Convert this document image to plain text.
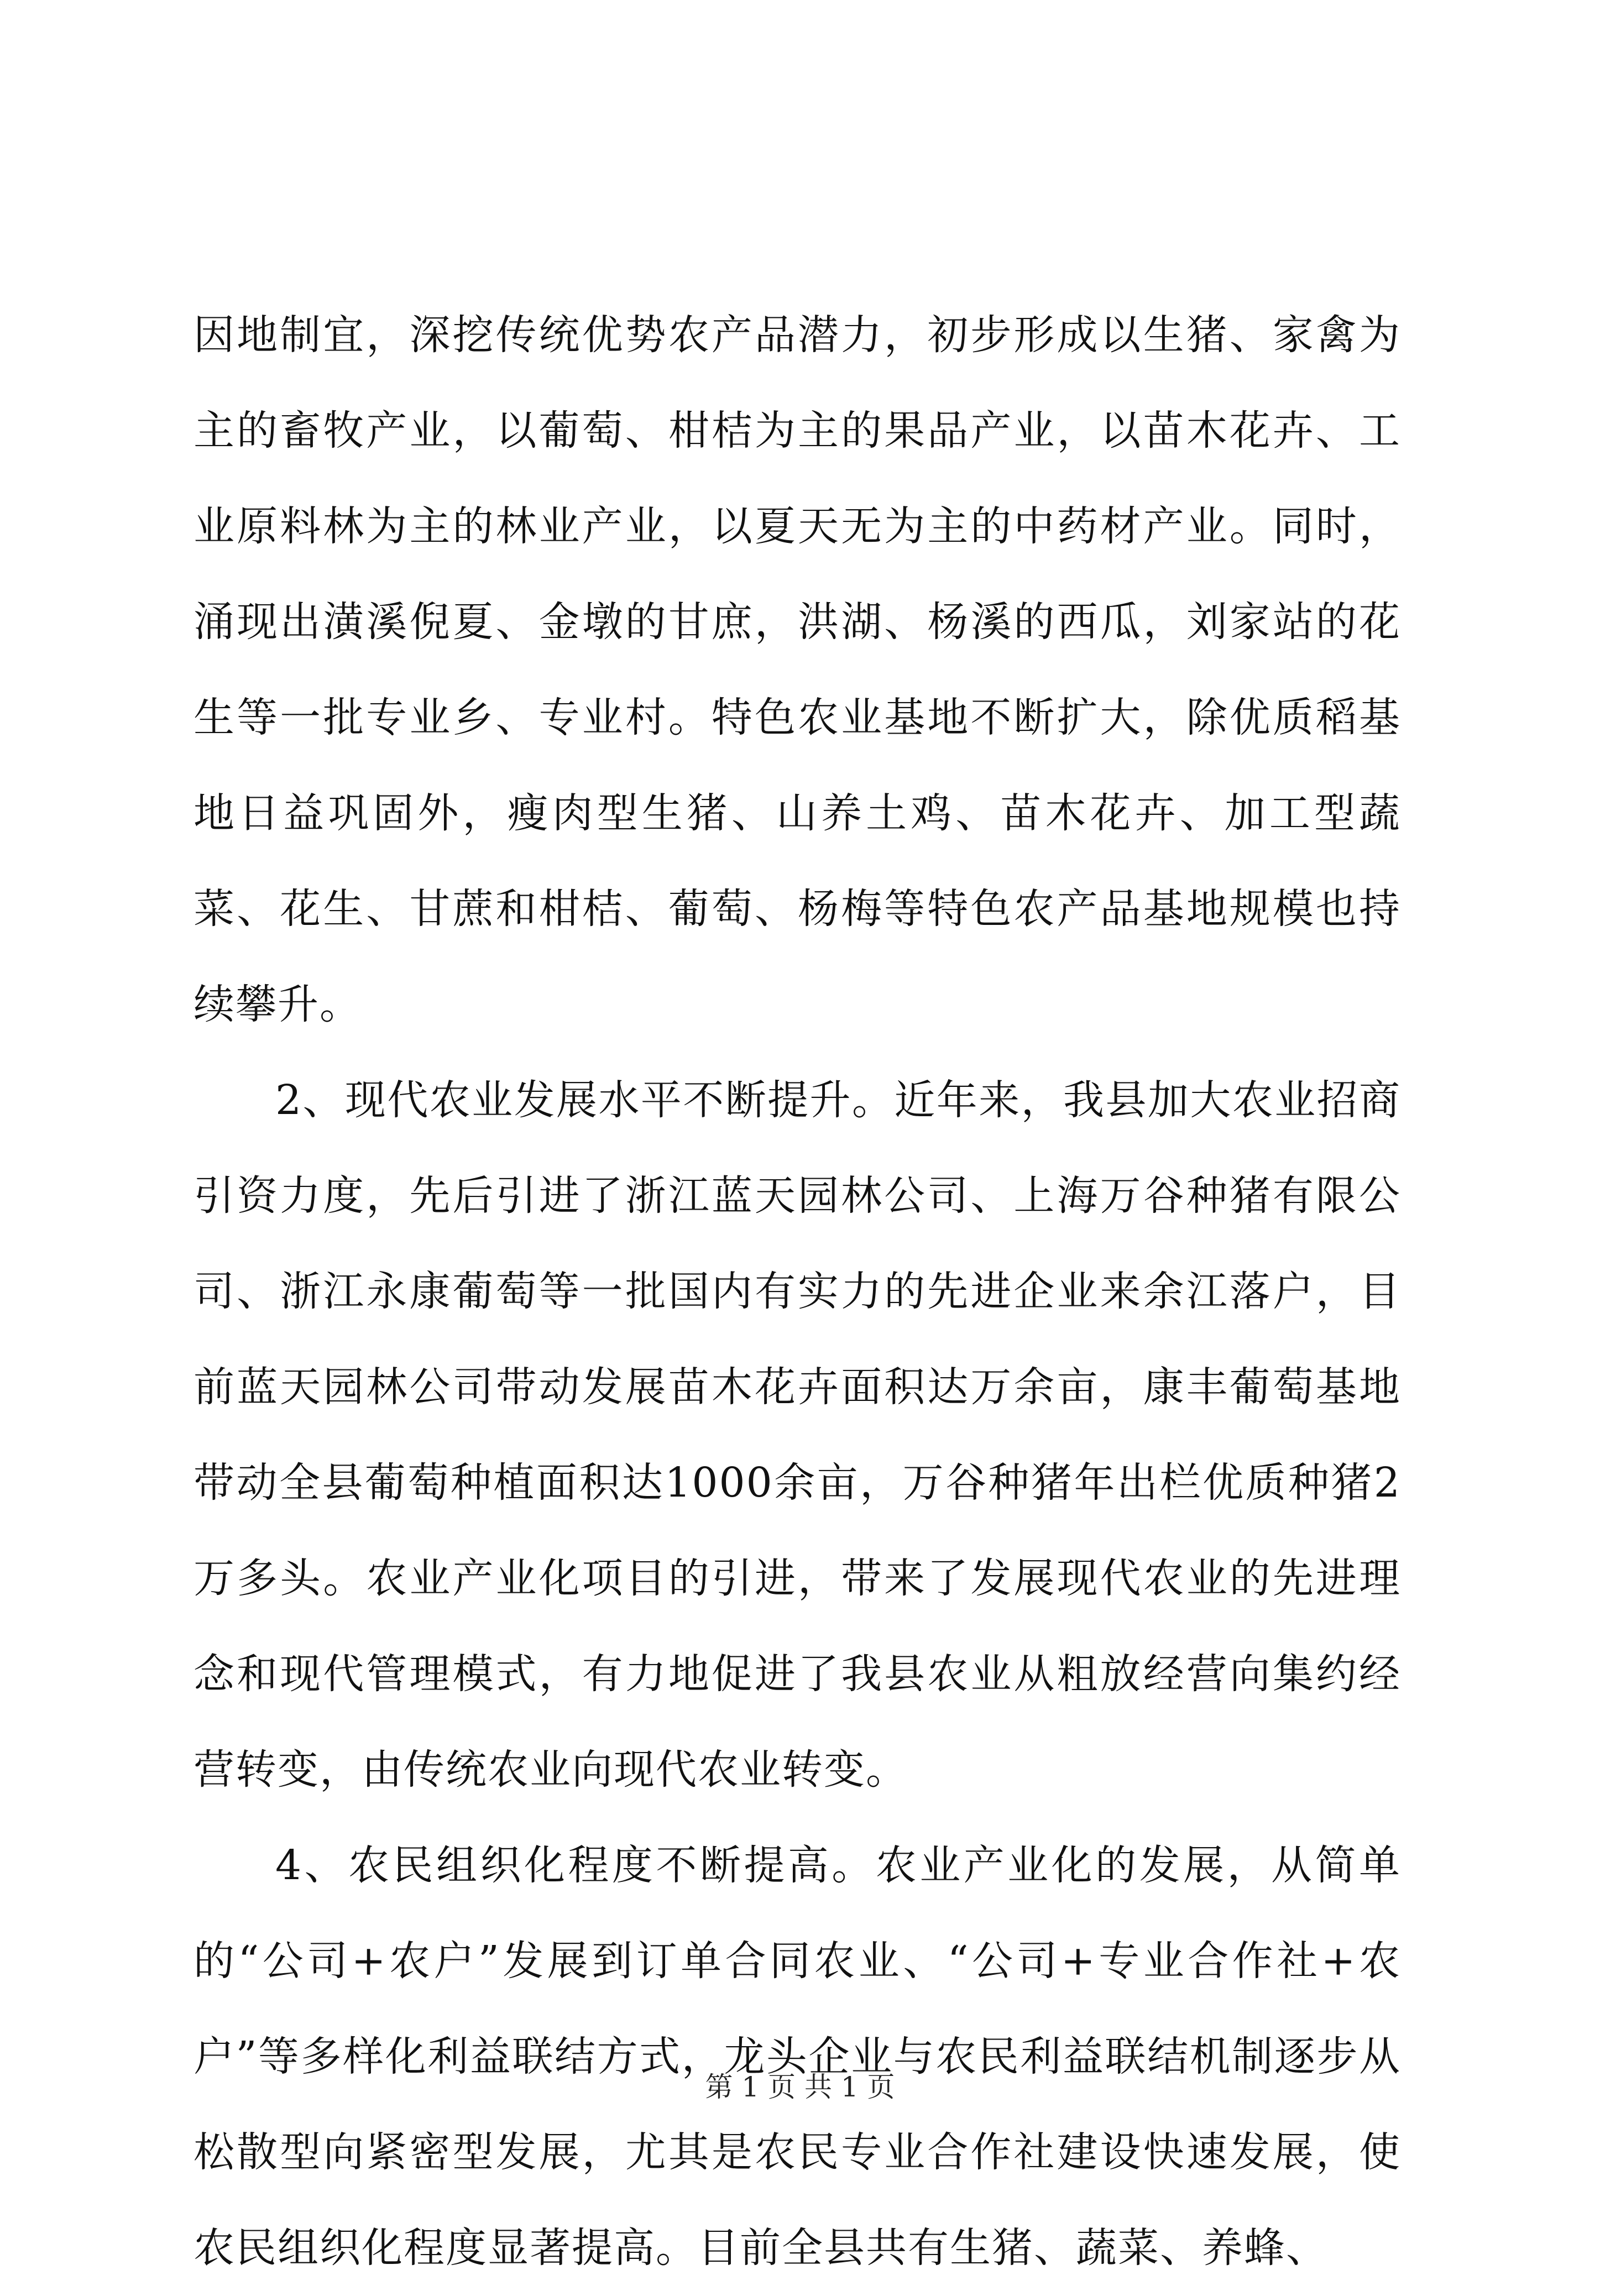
因地制宜，深挖传统优势农产品潜力，初步形成以生猪、家禽为主的畜牧产业，以葡萄、柑桔为主的果品产业，以苗木花卉、工业原料林为主的林业产业，以夏天无为主的中药材产业。同时，涌现出潢溪倪夏、金墩的甘庶，洪湖、杨溪的西瓜，刘家站的花生等一批专业乡、专业村。特色农业基地不断扩大，除优质稻基地日益巩固外，瘦肉型生猪、山养土鸡、苗木花卉、加工型蔬菜、花生、甘蔗和柑桔、葡萄、杨梅等特色农产品基地规模也持续攀升。

2、现代农业发展水平不断提升。近年来，我县加大农业招商引资力度，先后引进了浙江蓝天园林公司、上海万谷种猪有限公司、浙江永康葡萄等一批国内有实力的先进企业来余江落户，目前蓝天园林公司带动发展苗木花卉面积达万余亩，康丰葡萄基地带动全县葡萄种植面积达1000余亩，万谷种猪年出栏优质种猪2万多头。农业产业化项目的引进，带来了发展现代农业的先进理念和现代管理模式，有力地促进了我县农业从粗放经营向集约经营转变，由传统农业向现代农业转变。

4、农民组织化程度不断提高。农业产业化的发展，从简单的“公司+农户”发展到订单合同农业、“公司+专业合作社+农户”等多样化利益联结方式，龙头企业与农民利益联结机制逐步从松散型向紧密型发展，尤其是农民专业合作社建设快速发展，使农民组织化程度显著提高。目前全县共有生猪、蔬菜、养蜂、

第 1 页 共 1 页
